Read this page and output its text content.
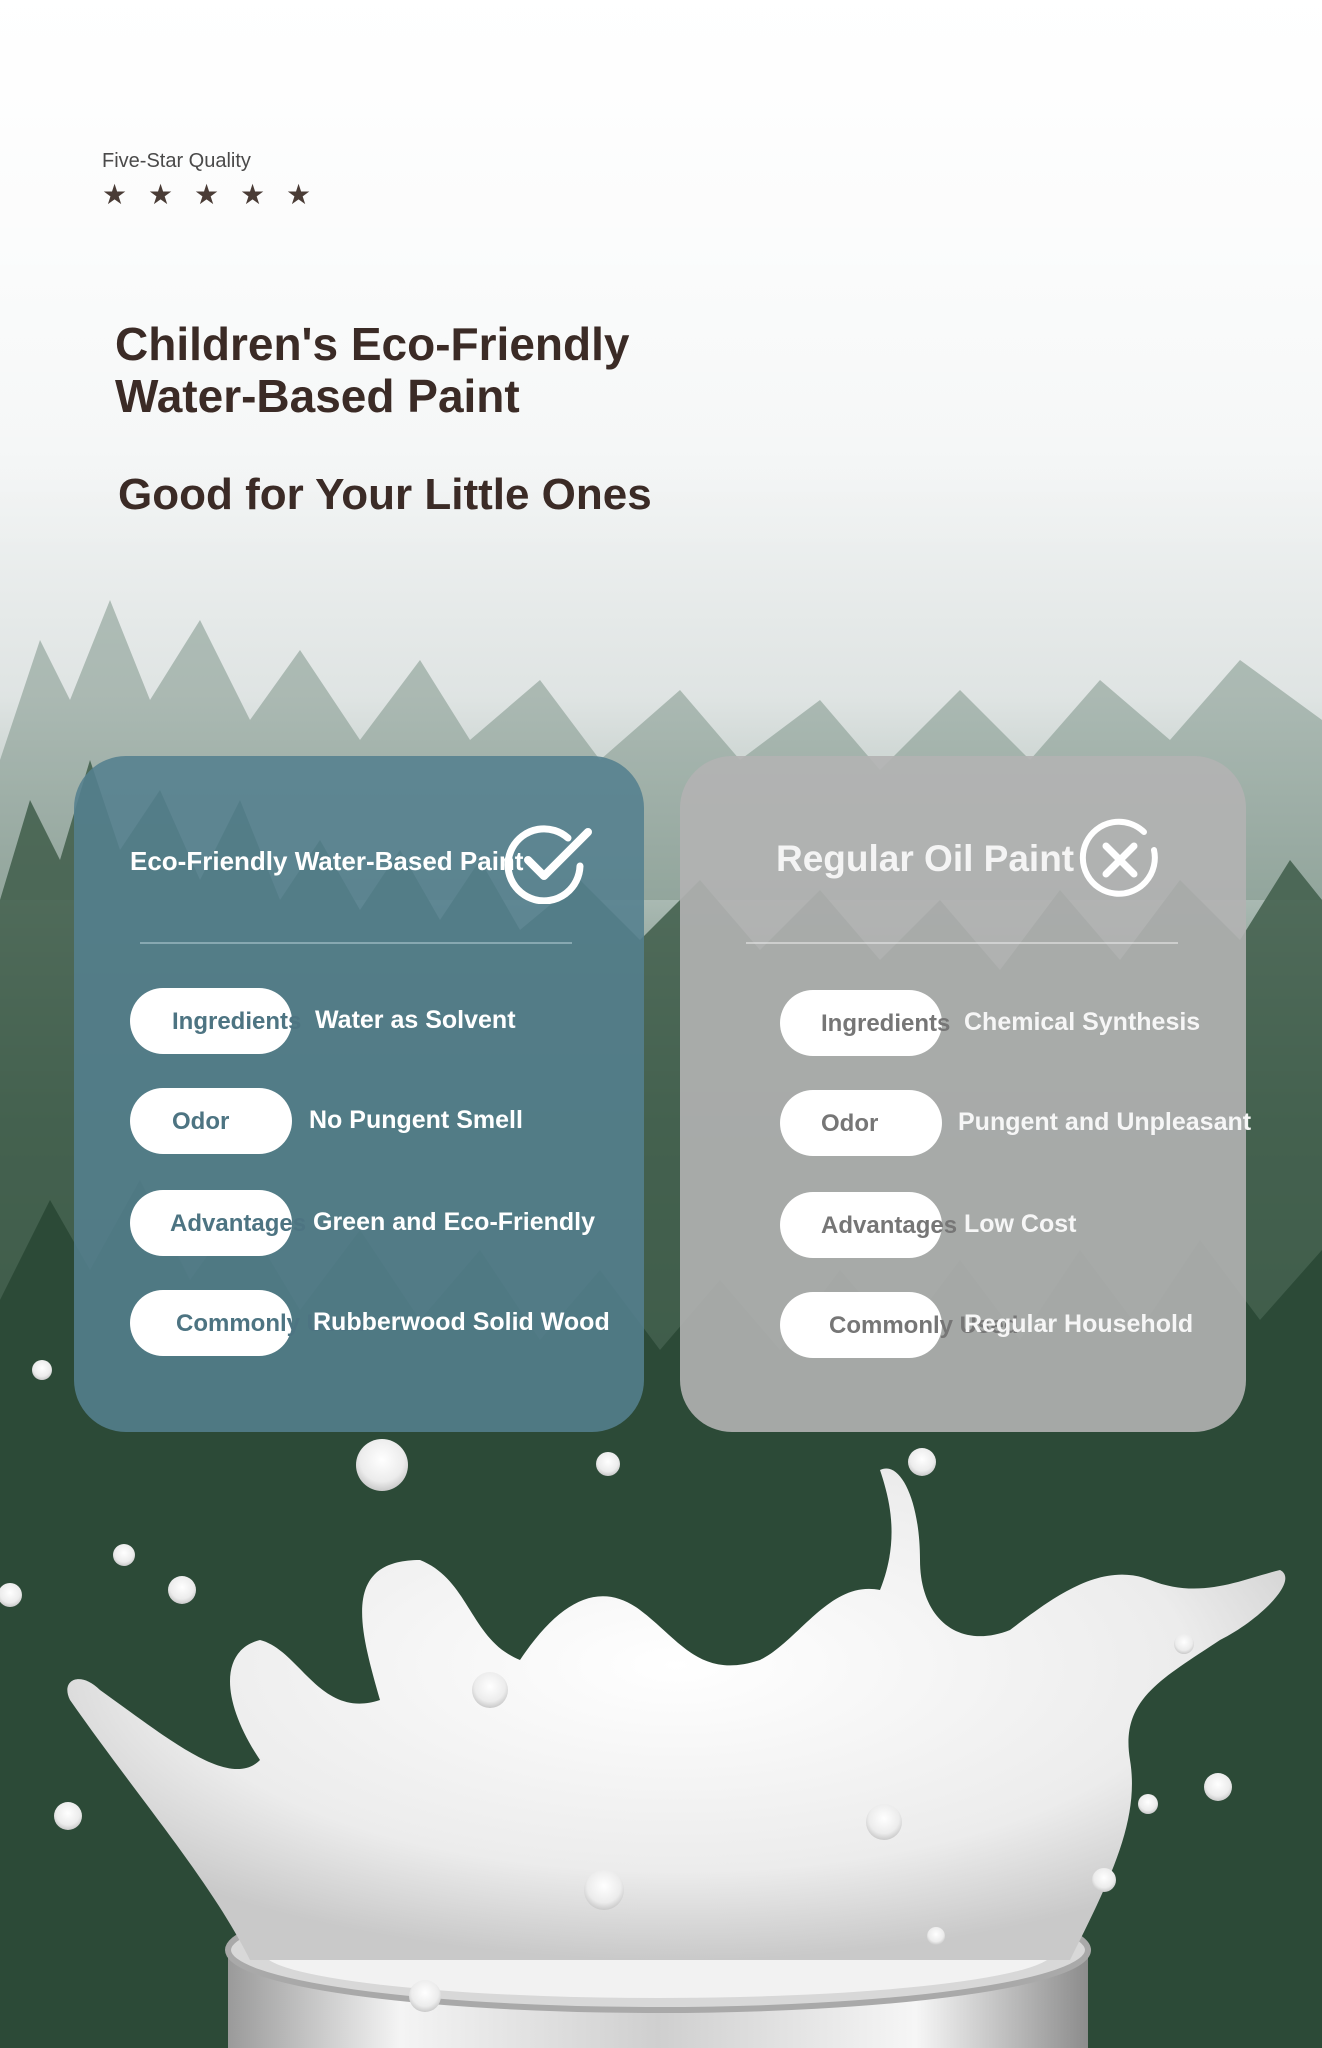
Five-Star Quality
★ ★ ★ ★ ★
Children's Eco-Friendly
Water-Based Paint
Good for Your Little Ones
Eco-Friendly Water-Based Paint
Ingredients Water as Solvent
Odor	No Pungent Smell
Advantages Green and Eco-Friendly
Commonly Used
Rubberwood Solid Wood
Regular Oil Paint
Ingredients Chemical Synthesis
Odor	Pungent and Unpleasant
Advantages Low Cost
Commonly Used
Regular Household
